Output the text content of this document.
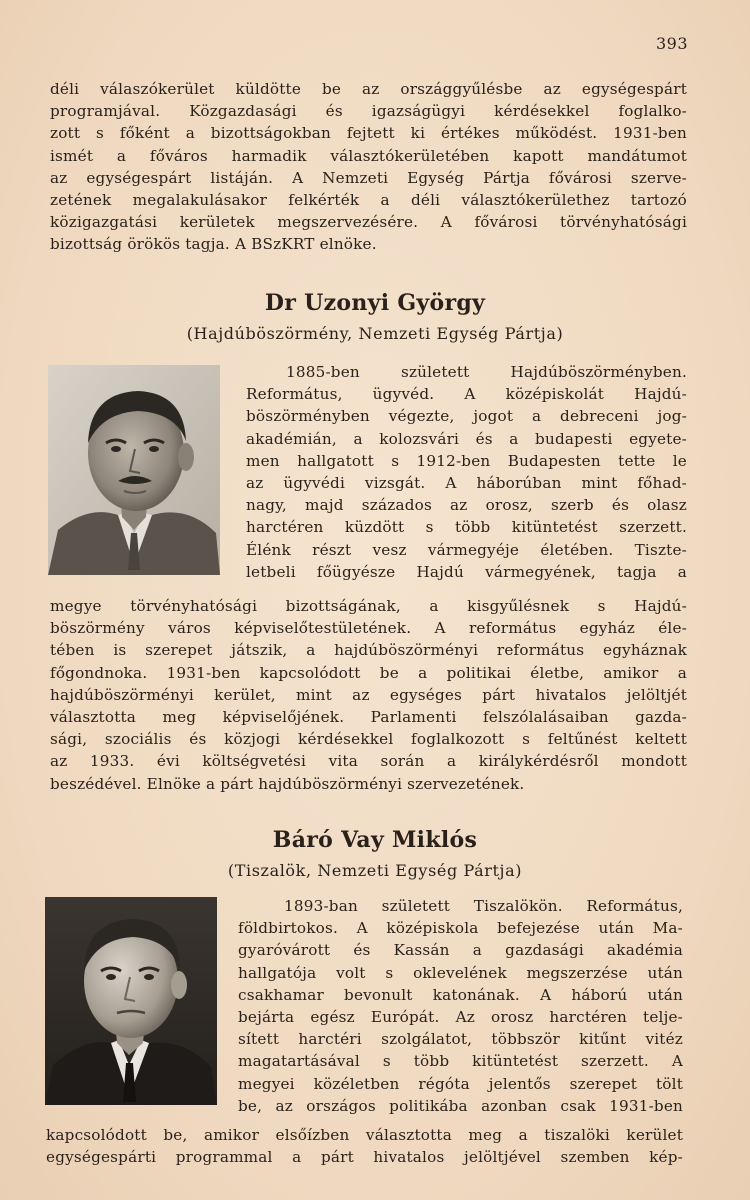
393
déli válaszókerület küldötte be az országgyűlésbe az egységespárt
programjával. Közgazdasági és igazságügyi kérdésekkel foglalko-
zott s főként a bizottságokban fejtett ki értékes működést. 1931-ben
ismét a főváros harmadik választókerületében kapott mandátumot
az egységespárt listáján. A Nemzeti Egység Pártja fővárosi szerve-
zetének megalakulásakor felkérték a déli választókerülethez tartozó
közigazgatási kerületek megszervezésére. A fővárosi törvényhatósági
bizottság örökös tagja. A BSzKRT elnöke.
Dr Uzonyi György
(Hajdúböszörmény, Nemzeti Egység Pártja)
1885-ben született Hajdúböszörményben.
Református, ügyvéd. A középiskolát Hajdú-
böszörményben végezte, jogot a debreceni jog-
akadémián, a kolozsvári és a budapesti egyete-
men hallgatott s 1912-ben Budapesten tette le
az ügyvédi vizsgát. A háborúban mint főhad-
nagy, majd százados az orosz, szerb és olasz
harctéren küzdött s több kitüntetést szerzett.
Élénk részt vesz vármegyéje életében. Tiszte-
letbeli főügyésze Hajdú vármegyének, tagja a
megye törvényhatósági bizottságának, a kisgyűlésnek s Hajdú-
böszörmény város képviselőtestületének. A református egyház éle-
tében is szerepet játszik, a hajdúböszörményi református egyháznak
főgondnoka. 1931-ben kapcsolódott be a politikai életbe, amikor a
hajdúböszörményi kerület, mint az egységes párt hivatalos jelöltjét
választotta meg képviselőjének. Parlamenti felszólalásaiban gazda-
sági, szociális és közjogi kérdésekkel foglalkozott s feltűnést keltett
az 1933. évi költségvetési vita során a királykérdésről mondott
beszédével. Elnöke a párt hajdúböszörményi szervezetének.
Báró Vay Miklós
(Tiszalök, Nemzeti Egység Pártja)
1893-ban született Tiszalökön. Református,
földbirtokos. A középiskola befejezése után Ma-
gyaróvárott és Kassán a gazdasági akadémia
hallgatója volt s oklevelének megszerzése után
csakhamar bevonult katonának. A háború után
bejárta egész Európát. Az orosz harctéren telje-
sített harctéri szolgálatot, többször kitűnt vitéz
magatartásával s több kitüntetést szerzett. A
megyei közéletben régóta jelentős szerepet tölt
be, az országos politikába azonban csak 1931-ben
kapcsolódott be, amikor elsőízben választotta meg a tiszalöki kerület
egységespárti programmal a párt hivatalos jelöltjével szemben kép-
